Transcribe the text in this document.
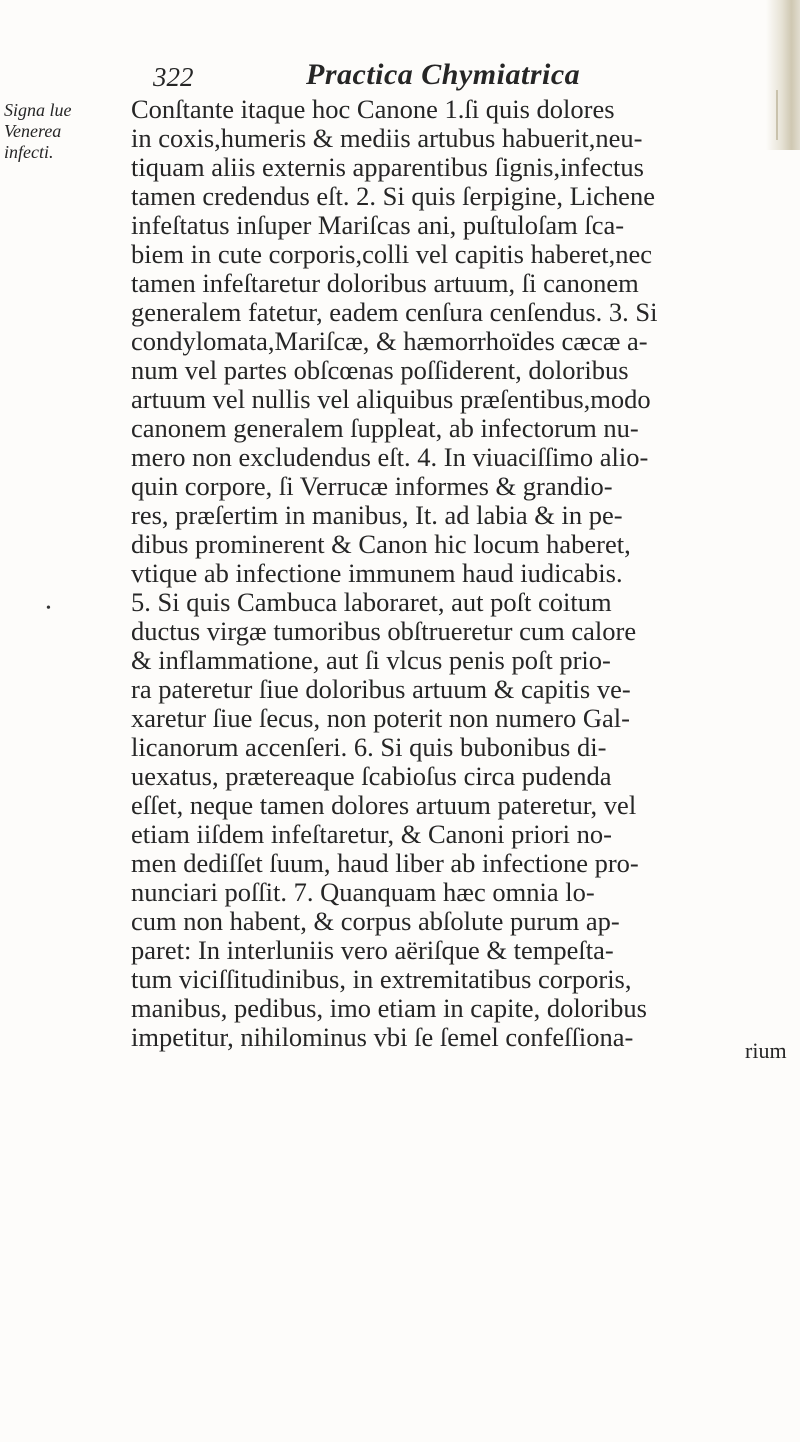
322	Practica Chymiatrica
Signa lue
Venerea
infecti.
•
Conſtante itaque hoc Canone 1.ſi quis dolores
in coxis,humeris & mediis artubus habuerit,neu-
tiquam aliis externis apparentibus ſignis,infectus
tamen credendus eſt. 2. Si quis ſerpigine, Lichene
infeſtatus inſuper Mariſcas ani, puſtuloſam ſca-
biem in cute corporis,colli vel capitis haberet,nec
tamen infeſtaretur doloribus artuum, ſi canonem
generalem fatetur, eadem cenſura cenſendus. 3. Si
condylomata,Mariſcæ, & hæmorrhoïdes cæcæ a-
num vel partes obſcœnas poſſiderent, doloribus
artuum vel nullis vel aliquibus præſentibus,modo
canonem generalem ſuppleat, ab infectorum nu-
mero non excludendus eſt. 4. In viuaciſſimo alio-
quin corpore, ſi Verrucæ informes & grandio-
res, præſertim in manibus, It. ad labia & in pe-
dibus prominerent & Canon hic locum haberet,
vtique ab infectione immunem haud iudicabis.
5. Si quis Cambuca laboraret, aut poſt coitum
ductus virgæ tumoribus obſtrueretur cum calore
& inflammatione, aut ſi vlcus penis poſt prio-
ra pateretur ſiue doloribus artuum & capitis ve-
xaretur ſiue ſecus, non poterit non numero Gal-
licanorum accenſeri. 6. Si quis bubonibus di-
uexatus, prætereaque ſcabioſus circa pudenda
eſſet, neque tamen dolores artuum pateretur, vel
etiam iiſdem infeſtaretur, & Canoni priori no-
men dediſſet ſuum, haud liber ab infectione pro-
nunciari poſſit. 7. Quanquam hæc omnia lo-
cum non habent, & corpus abſolute purum ap-
paret: In interluniis vero aëriſque & tempeſta-
tum viciſſitudinibus, in extremitatibus corporis,
manibus, pedibus, imo etiam in capite, doloribus
impetitur, nihilominus vbi ſe ſemel confeſſiona-	rium
